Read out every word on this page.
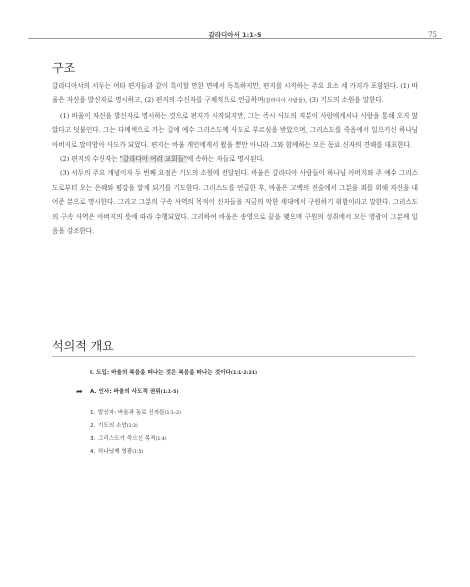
갈라디아서 1:1–5	75
구조

갈라디아서의 서두는 여타 편지들과 같이 특이할 만한 면에서 독특하지만, 편지를 시작하는 주요 요소 세 가지가 포함된다. (1) 바울은 자신을 발신자로 명시하고, (2) 편지의 수신자를 구체적으로 언급하며(갈라디아 사람들), (3) 기도의 소원을 말한다.

(1) 바울이 자신을 발신자로 명시하는 것으로 편지가 시작되지만, 그는 즉시 사도의 직분이 사람에게서나 사람을 통해 오지 않았다고 덧붙인다. 그는 다메섹으로 가는 길에 예수 그리스도께 사도로 부르심을 받았으며, 그리스도를 죽음에서 일으키신 하나님 아버지로 말미암아 사도가 되었다. 편지는 바울 개인에게서 왔을 뿐만 아니라 그와 함께하는 모든 동료 신자의 견해를 대표한다.

(2) 편지의 수신자는 "갈라디아 여러 교회들"에 속하는 자들로 명시된다.

(3) 서두의 주요 개념이자 두 번째 요점은 기도의 소원에 전달된다. 바울은 갈라디아 사람들이 하나님 아버지와 주 예수 그리스도로부터 오는 은혜와 평강을 알게 되기를 기도한다. 그리스도를 언급한 후, 바울은 고백의 진술에서 그분을 죄를 위해 자신을 내어준 분으로 명시한다. 그리고 그분의 구속 사역의 목적이 신자들을 지금의 악한 세대에서 구원하기 위함이라고 말한다. 그리스도의 구속 사역은 아버지의 뜻에 따라 수행되었다. 그리하여 바울은 송영으로 끝을 맺으며 구원의 성취에서 모든 영광이 그분께 있음을 강조한다.

석의적 개요
I. 도입: 바울의 복음을 떠나는 것은 복음을 떠나는 것이다(1:1–2:21)
➦ A. 인사: 바울의 사도적 권위(1:1–5)
1. 발신자: 바울과 동료 신자들(1:1–2)
2. 기도의 소망(1:3)
3. 그리스도가 죽으신 목적(1:4)
4. 하나님께 영광(1:5)
